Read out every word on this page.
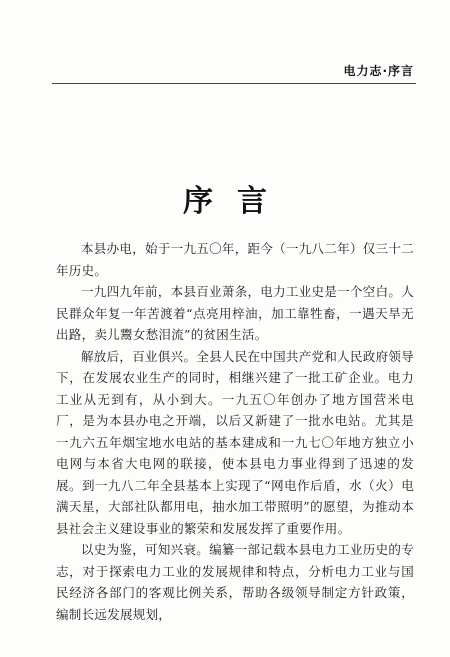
电力志·序言
序言

本县办电，始于一九五〇年，距今（一九八二年）仅三十二年历史。

一九四九年前，本县百业萧条，电力工业史是一个空白。人民群众年复一年苦渡着“点亮用梓油，加工靠牲畜，一遇天旱无出路，卖儿鬻女愁泪流”的贫困生活。

解放后，百业俱兴。全县人民在中国共产党和人民政府领导下，在发展农业生产的同时，相继兴建了一批工矿企业。电力工业从无到有，从小到大。一九五〇年创办了地方国营米电厂，是为本县办电之开端，以后又新建了一批水电站。尤其是一九六五年烟宝地水电站的基本建成和一九七〇年地方独立小电网与本省大电网的联接，使本县电力事业得到了迅速的发展。到一九八二年全县基本上实现了“网电作后盾，水（火）电满天星，大部社队都用电，抽水加工带照明”的愿望，为推动本县社会主义建设事业的繁荣和发展发挥了重要作用。

以史为鉴，可知兴衰。编纂一部记载本县电力工业历史的专志，对于探索电力工业的发展规律和特点，分析电力工业与国民经济各部门的客观比例关系，帮助各级领导制定方针政策，编制长远发展规划，
